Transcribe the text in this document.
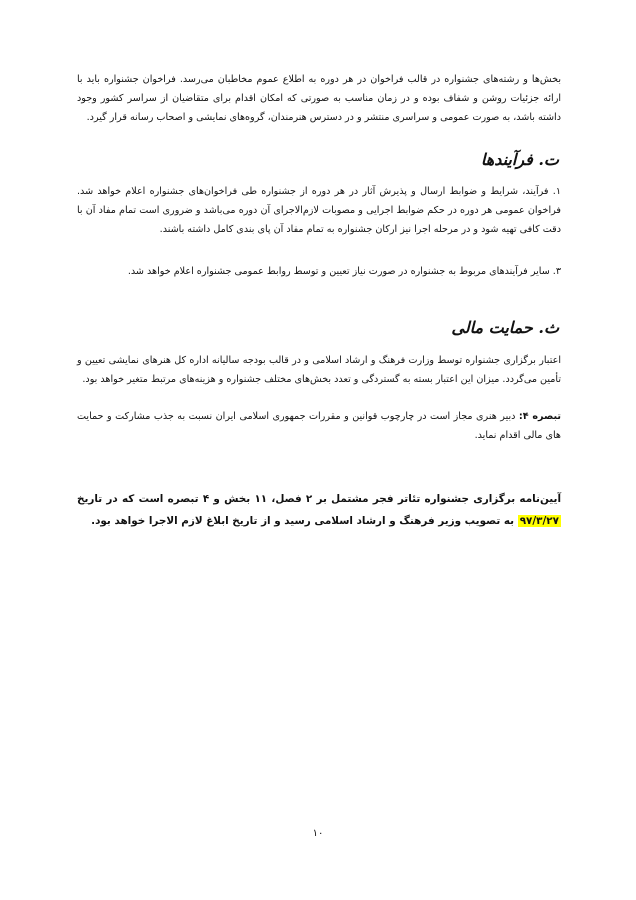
بخش‌ها و رشته‌های جشنواره در قالب فراخوان در هر دوره به اطلاع عموم مخاطبان می‌رسد. فراخوان جشنواره باید با ارائه جزئیات روشن و شفاف بوده و در زمان مناسب به صورتی که امکان اقدام برای متقاضیان از سراسر کشور وجود داشته باشد، به صورت عمومی و سراسری منتشر و در دسترس هنرمندان، گروه‌های نمایشی و اصحاب رسانه قرار گیرد.

ت. فرآیندها

۱. فرآیند، شرایط و ضوابط ارسال و پذیرش آثار در هر دوره از جشنواره طی فراخوان‌های جشنواره اعلام خواهد شد. فراخوان عمومی هر دوره در حکم ضوابط اجرایی و مصوبات لازم‌الاجرای آن دوره می‌باشد و ضروری است تمام مفاد آن با دقت کافی تهیه شود و در مرحله اجرا نیز ارکان جشنواره به تمام مفاد آن پای بندی کامل داشته باشند.

۳. سایر فرآیندهای مربوط به جشنواره در صورت نیاز تعیین و توسط روابط عمومی جشنواره اعلام خواهد شد.

ث. حمایت مالی

اعتبار برگزاری جشنواره توسط وزارت فرهنگ و ارشاد اسلامی و در قالب بودجه سالیانه اداره کل هنرهای نمایشی تعیین و تأمین می‌گردد. میزان این اعتبار بسته به گستردگی و تعدد بخش‌های مختلف جشنواره و هزینه‌های مرتبط متغیر خواهد بود.

تبصره ۴: دبیر هنری مجاز است در چارچوب قوانین و مقررات جمهوری اسلامی ایران نسبت به جذب مشارکت و حمایت های مالی اقدام نماید.

آیین‌نامه برگزاری جشنواره تئاتر فجر مشتمل بر ۲ فصل، ۱۱ بخش و ۴ تبصره است که در تاریخ ۹۷/۳/۲۷ به تصویب وزیر فرهنگ و ارشاد اسلامی رسید و از تاریخ ابلاغ لازم الاجرا خواهد بود.

۱۰
